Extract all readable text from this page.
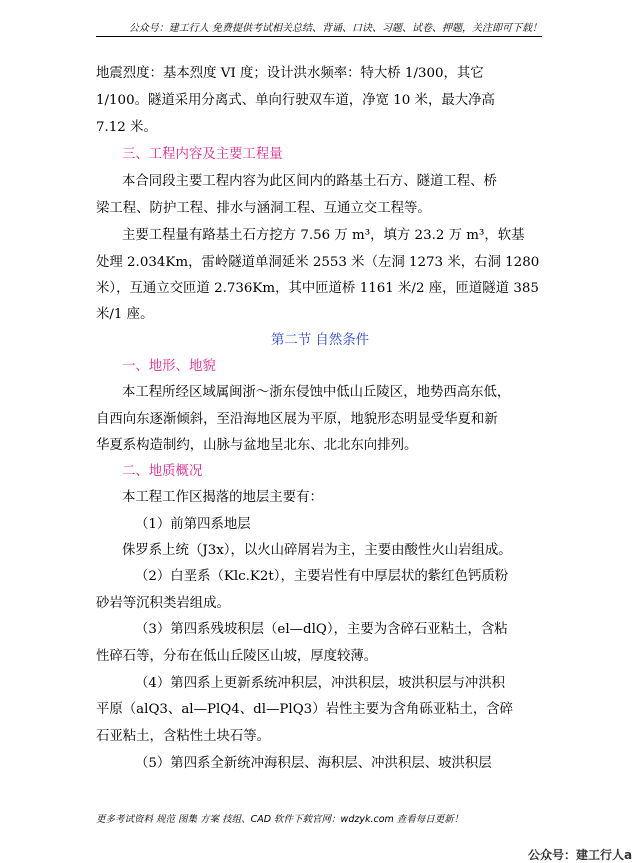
公众号：建工行人 免费提供考试相关总结、背诵、口诀、习题、试卷、押题，关注即可下载！
地震烈度：基本烈度 VI 度；设计洪水频率：特大桥 1/300，其它
1/100。隧道采用分离式、单向行驶双车道，净宽 10 米，最大净高
7.12 米。
三、工程内容及主要工程量
本合同段主要工程内容为此区间内的路基土石方、隧道工程、桥
梁工程、防护工程、排水与涵洞工程、互通立交工程等。
主要工程量有路基土石方挖方 7.56 万 m³，填方 23.2 万 m³，软基
处理 2.034Km，雷岭隧道单洞延米 2553 米（左洞 1273 米，右洞 1280
米），互通立交匝道 2.736Km，其中匝道桥 1161 米/2 座，匝道隧道 385
米/1 座。
第二节 自然条件
一、地形、地貌
本工程所经区域属闽浙～浙东侵蚀中低山丘陵区，地势西高东低，
自西向东逐渐倾斜，至沿海地区展为平原，地貌形态明显受华夏和新
华夏系构造制约，山脉与盆地呈北东、北北东向排列。
二、地质概况
本工程工作区揭落的地层主要有：
（1）前第四系地层
侏罗系上统（J3x），以火山碎屑岩为主，主要由酸性火山岩组成。
（2）白垩系（Klc.K2t），主要岩性有中厚层状的紫红色钙质粉
砂岩等沉积类岩组成。
（3）第四系残坡积层（el—dlQ），主要为含碎石亚粘土，含粘
性碎石等，分布在低山丘陵区山坡，厚度较薄。
（4）第四系上更新系统冲积层，冲洪积层，坡洪积层与冲洪积
平原（alQ3、al—PlQ4、dl—PlQ3）岩性主要为含角砾亚粘土，含碎
石亚粘土，含粘性土块石等。
（5）第四系全新统冲海积层、海积层、冲洪积层、坡洪积层
更多考试资料 规范 图集 方案 技组、CAD 软件下载官网：wdzyk.com 查看每日更新！
公众号：建工行人a
